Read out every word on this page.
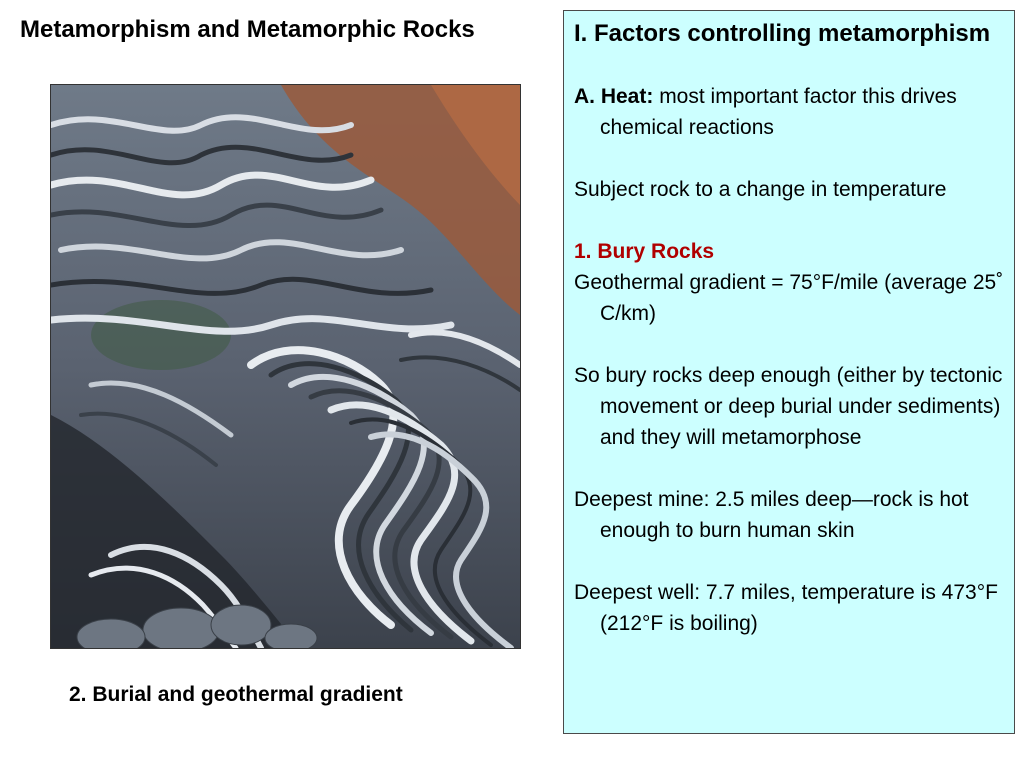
Metamorphism and Metamorphic Rocks
2. Burial and geothermal gradient

I. Factors controlling metamorphism

A. Heat: most important factor this drives chemical reactions

Subject rock to a change in temperature

1. Bury Rocks

Geothermal gradient = 75°F/mile (average 25˚ C/km)

So bury rocks deep enough (either by tectonic movement or deep burial under sediments) and they will metamorphose

Deepest mine: 2.5 miles deep—rock is hot enough to burn human skin

Deepest well: 7.7 miles, temperature is 473°F (212°F is boiling)
